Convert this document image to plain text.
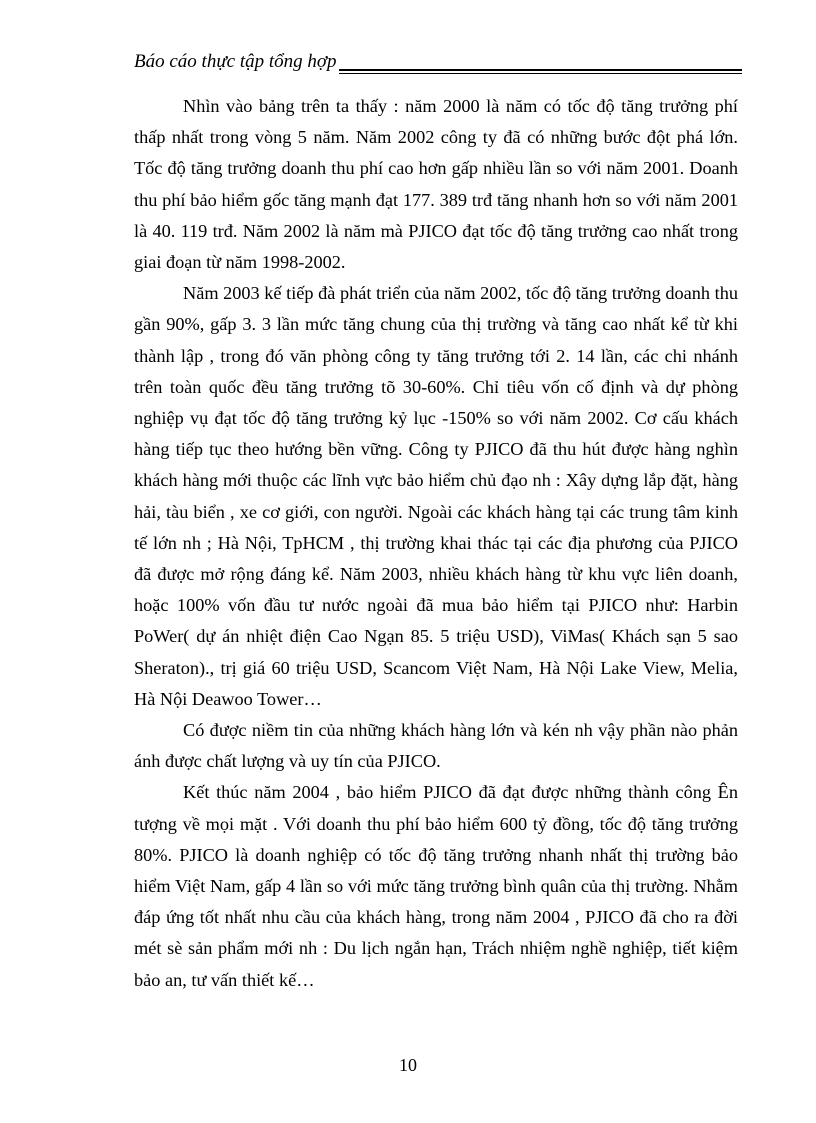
Báo cáo thực tập tổng hợp

Nhìn vào bảng trên ta thấy : năm 2000 là năm có tốc độ tăng trưởng phí thấp nhất trong vòng 5 năm. Năm 2002 công ty đã có những bước đột phá lớn. Tốc độ tăng trưởng doanh thu phí cao hơn gấp nhiều lần so với năm 2001. Doanh thu phí bảo hiểm gốc tăng mạnh đạt 177. 389 trđ tăng nhanh hơn so với năm 2001 là 40. 119 trđ. Năm 2002 là năm mà PJICO đạt tốc độ tăng trưởng cao nhất trong giai đoạn từ năm 1998-2002.

Năm 2003 kế tiếp đà phát triển của năm 2002, tốc độ tăng trưởng doanh thu gần 90%, gấp 3. 3 lần mức tăng chung của thị trường và tăng cao nhất kể từ khi thành lập , trong đó văn phòng công ty tăng trưởng tới 2. 14 lần, các chi nhánh trên toàn quốc đều tăng trưởng tõ 30-60%. Chỉ tiêu vốn cố định và dự phòng nghiệp vụ đạt tốc độ tăng trưởng kỷ lục -150% so với năm 2002. Cơ cấu khách hàng tiếp tục theo hướng bền vững. Công ty PJICO đã thu hút được hàng nghìn khách hàng mới thuộc các lĩnh vực bảo hiểm chủ đạo nh : Xây dựng lắp đặt, hàng hải, tàu biển , xe cơ giới, con người. Ngoài các khách hàng tại các trung tâm kinh tế lớn nh ; Hà Nội, TpHCM , thị trường khai thác tại các địa phương của PJICO đã được mở rộng đáng kể. Năm 2003, nhiều khách hàng từ khu vực liên doanh, hoặc 100% vốn đầu tư nước ngoài đã mua bảo hiểm tại PJICO như: Harbin PoWer( dự án nhiệt điện Cao Ngạn 85. 5 triệu USD), ViMas( Khách sạn 5 sao Sheraton)., trị giá 60 triệu USD, Scancom Việt Nam, Hà Nội Lake View, Melia, Hà Nội Deawoo Tower…

Có được niềm tin của những khách hàng lớn và kén nh vậy phần nào phản ánh được chất lượng và uy tín của PJICO.

Kết thúc năm 2004 , bảo hiểm PJICO đã đạt được những thành công Ên tượng về mọi mặt . Với doanh thu phí bảo hiểm 600 tỷ đồng, tốc độ tăng trưởng 80%. PJICO là doanh nghiệp có tốc độ tăng trưởng nhanh nhất thị trường bảo hiểm Việt Nam, gấp 4 lần so với mức tăng trưởng bình quân của thị trường. Nhằm đáp ứng tốt nhất nhu cầu của khách hàng, trong năm 2004 , PJICO đã cho ra đời mét sè sản phẩm mới nh : Du lịch ngắn hạn, Trách nhiệm nghề nghiệp, tiết kiệm bảo an, tư vấn thiết kế…

10
